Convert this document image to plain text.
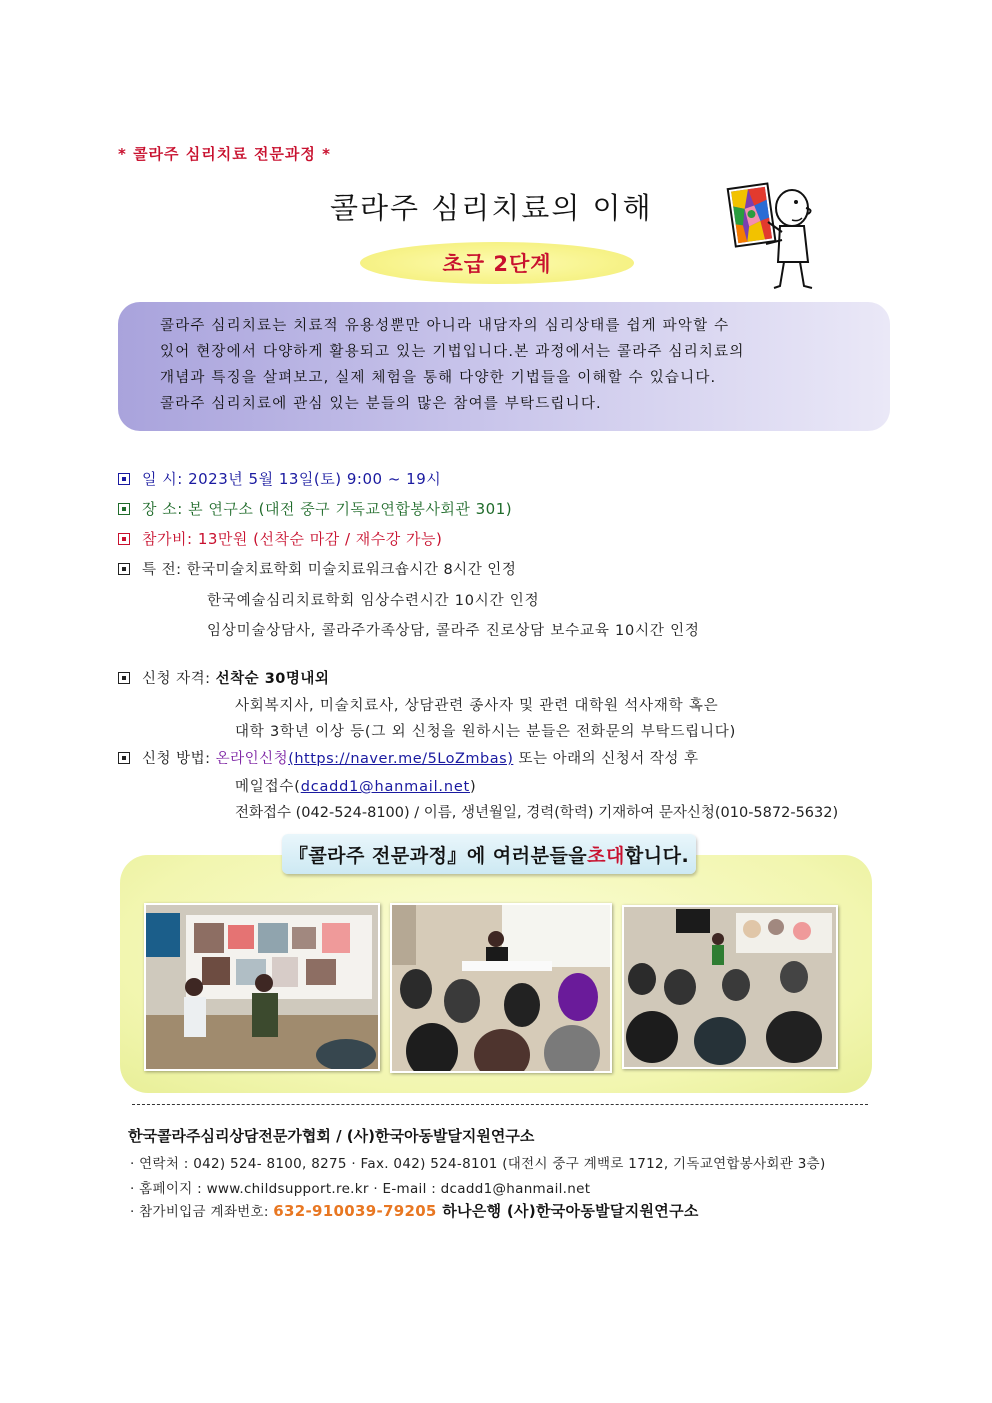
* 콜라주 심리치료 전문과정 *
콜라주 심리치료의 이해
초급 2단계
콜라주 심리치료는 치료적 유용성뿐만 아니라 내담자의 심리상태를 쉽게 파악할 수
있어 현장에서 다양하게 활용되고 있는 기법입니다.본 과정에서는 콜라주 심리치료의
개념과 특징을 살펴보고, 실제 체험을 통해 다양한 기법들을 이해할 수 있습니다.
콜라주 심리치료에 관심 있는 분들의 많은 참여를 부탁드립니다.
일 시: 2023년 5월 13일(토) 9:00 ~ 19시
장 소: 본 연구소 (대전 중구 기독교연합봉사회관 301)
참가비: 13만원 (선착순 마감 / 재수강 가능)
특 전: 한국미술치료학회 미술치료워크숍시간 8시간 인정
한국예술심리치료학회 임상수련시간 10시간 인정
임상미술상담사, 콜라주가족상담, 콜라주 진로상담 보수교육 10시간 인정
신청 자격: 선착순 30명내외
사회복지사, 미술치료사, 상담관련 종사자 및 관련 대학원 석사재학 혹은
대학 3학년 이상 등(그 외 신청을 원하시는 분들은 전화문의 부탁드립니다)
신청 방법: 온라인신청(https://naver.me/5LoZmbas) 또는 아래의 신청서 작성 후
메일접수(dcadd1@hanmail.net)
전화접수 (042-524-8100) / 이름, 생년월일, 경력(학력) 기재하여 문자신청(010-5872-5632)
『콜라주 전문과정』에 여러분들을 초대 합니다.
한국콜라주심리상담전문가협회 / (사)한국아동발달지원연구소
· 연락처 : 042) 524- 8100, 8275 · Fax. 042) 524-8101 (대전시 중구 계백로 1712, 기독교연합봉사회관 3층)
· 홈페이지 : www.childsupport.re.kr · E-mail : dcadd1@hanmail.net
· 참가비입금 계좌번호: 632-910039-79205 하나은행 (사)한국아동발달지원연구소
